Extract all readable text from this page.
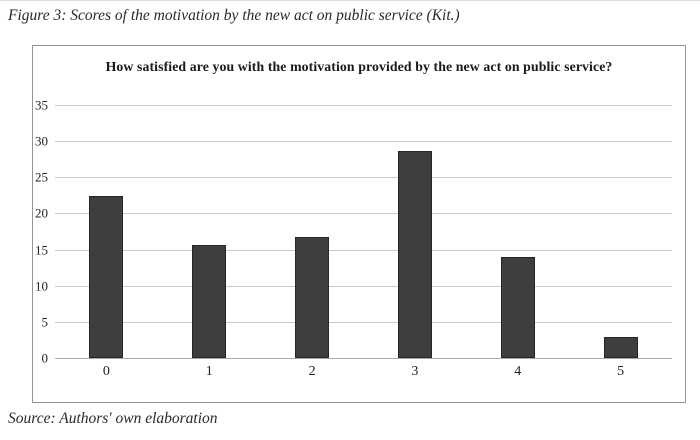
Figure 3: Scores of the motivation by the new act on public service (Kit.)
How satisfied are you with the motivation provided by the new act on public service?
0
5
10
15
20
25
30
35
0	1	2	3	4	5
Source: Authors' own elaboration
